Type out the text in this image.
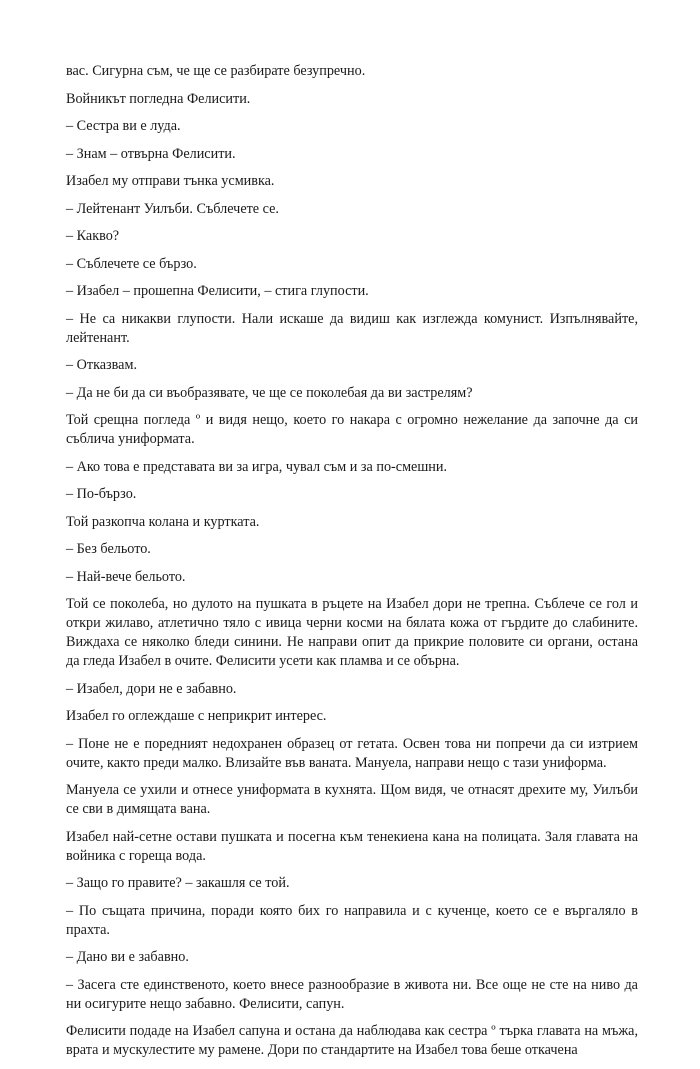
вас. Сигурна съм, че ще се разбирате безупречно.

Войникът погледна Фелисити.

– Сестра ви е луда.

– Знам – отвърна Фелисити.

Изабел му отправи тънка усмивка.

– Лейтенант Уилъби. Съблечете се.

– Какво?

– Съблечете се бързо.

– Изабел – прошепна Фелисити, – стига глупости.

– Не са никакви глупости. Нали искаше да видиш как изглежда комунист. Изпълнявайте, лейтенант.

– Отказвам.

– Да не би да си въобразявате, че ще се поколебая да ви застрелям?

Той срещна погледа º и видя нещо, което го накара с огромно нежелание да започне да си съблича униформата.

– Ако това е представата ви за игра, чувал съм и за по-смешни.

– По-бързо.

Той разкопча колана и куртката.

– Без бельото.

– Най-вече бельото.

Той се поколеба, но дулото на пушката в ръцете на Изабел дори не трепна. Съблече се гол и откри жилаво, атлетично тяло с ивица черни косми на бялата кожа от гърдите до слабините. Виждаха се няколко бледи синини. Не направи опит да прикрие половите си органи, остана да гледа Изабел в очите. Фелисити усети как пламва и се обърна.

– Изабел, дори не е забавно.

Изабел го оглеждаше с неприкрит интерес.

– Поне не е поредният недохранен образец от гетата. Освен това ни попречи да си изтрием очите, както преди малко. Влизайте във ваната. Мануела, направи нещо с тази униформа.

Мануела се ухили и отнесе униформата в кухнята. Щом видя, че отнасят дрехите му, Уилъби се сви в димящата вана.

Изабел най-сетне остави пушката и посегна към тенекиена кана на полицата. Заля главата на войника с гореща вода.

– Защо го правите? – закашля се той.

– По същата причина, поради която бих го направила и с кученце, което се е въргаляло в прахта.

– Дано ви е забавно.

– Засега сте единственото, което внесе разнообразие в живота ни. Все още не сте на ниво да ни осигурите нещо забавно. Фелисити, сапун.

Фелисити подаде на Изабел сапуна и остана да наблюдава как сестра º търка главата на мъжа, врата и мускулестите му рамене. Дори по стандартите на Изабел това беше откачена
